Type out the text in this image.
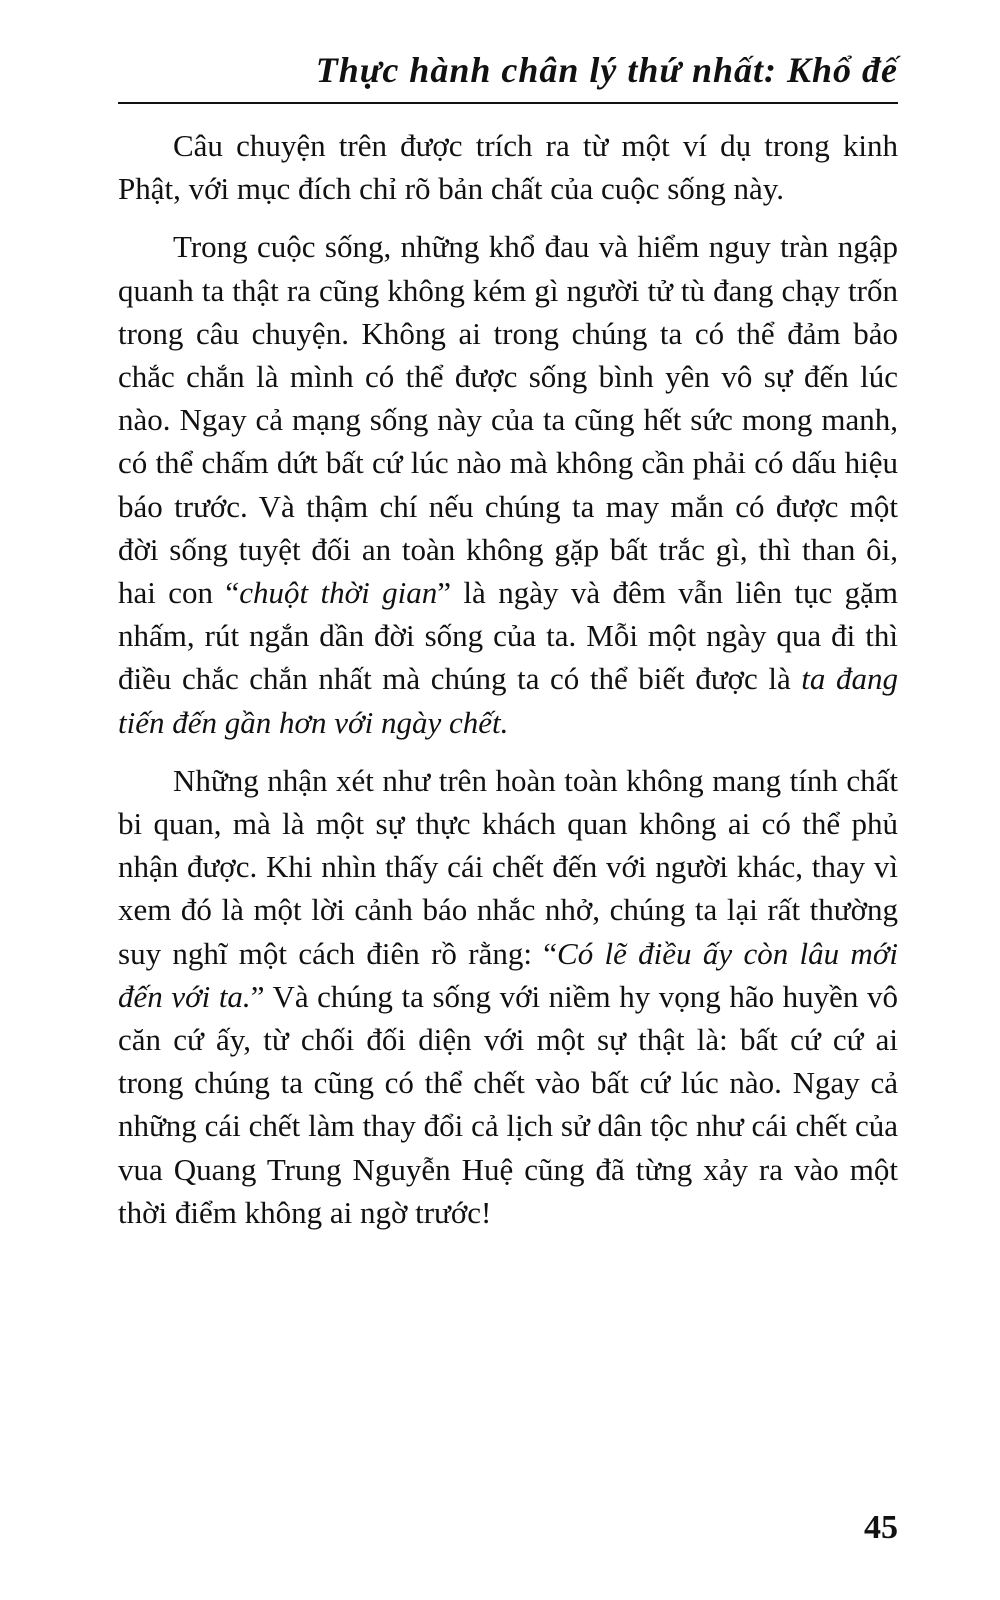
Thực hành chân lý thứ nhất: Khổ đế

Câu chuyện trên được trích ra từ một ví dụ trong kinh Phật, với mục đích chỉ rõ bản chất của cuộc sống này.

Trong cuộc sống, những khổ đau và hiểm nguy tràn ngập quanh ta thật ra cũng không kém gì người tử tù đang chạy trốn trong câu chuyện. Không ai trong chúng ta có thể đảm bảo chắc chắn là mình có thể được sống bình yên vô sự đến lúc nào. Ngay cả mạng sống này của ta cũng hết sức mong manh, có thể chấm dứt bất cứ lúc nào mà không cần phải có dấu hiệu báo trước. Và thậm chí nếu chúng ta may mắn có được một đời sống tuyệt đối an toàn không gặp bất trắc gì, thì than ôi, hai con “chuột thời gian” là ngày và đêm vẫn liên tục gặm nhấm, rút ngắn dần đời sống của ta. Mỗi một ngày qua đi thì điều chắc chắn nhất mà chúng ta có thể biết được là ta đang tiến đến gần hơn với ngày chết.

Những nhận xét như trên hoàn toàn không mang tính chất bi quan, mà là một sự thực khách quan không ai có thể phủ nhận được. Khi nhìn thấy cái chết đến với người khác, thay vì xem đó là một lời cảnh báo nhắc nhở, chúng ta lại rất thường suy nghĩ một cách điên rồ rằng: “Có lẽ điều ấy còn lâu mới đến với ta.” Và chúng ta sống với niềm hy vọng hão huyền vô căn cứ ấy, từ chối đối diện với một sự thật là: bất cứ cứ ai trong chúng ta cũng có thể chết vào bất cứ lúc nào. Ngay cả những cái chết làm thay đổi cả lịch sử dân tộc như cái chết của vua Quang Trung Nguyễn Huệ cũng đã từng xảy ra vào một thời điểm không ai ngờ trước!

45
